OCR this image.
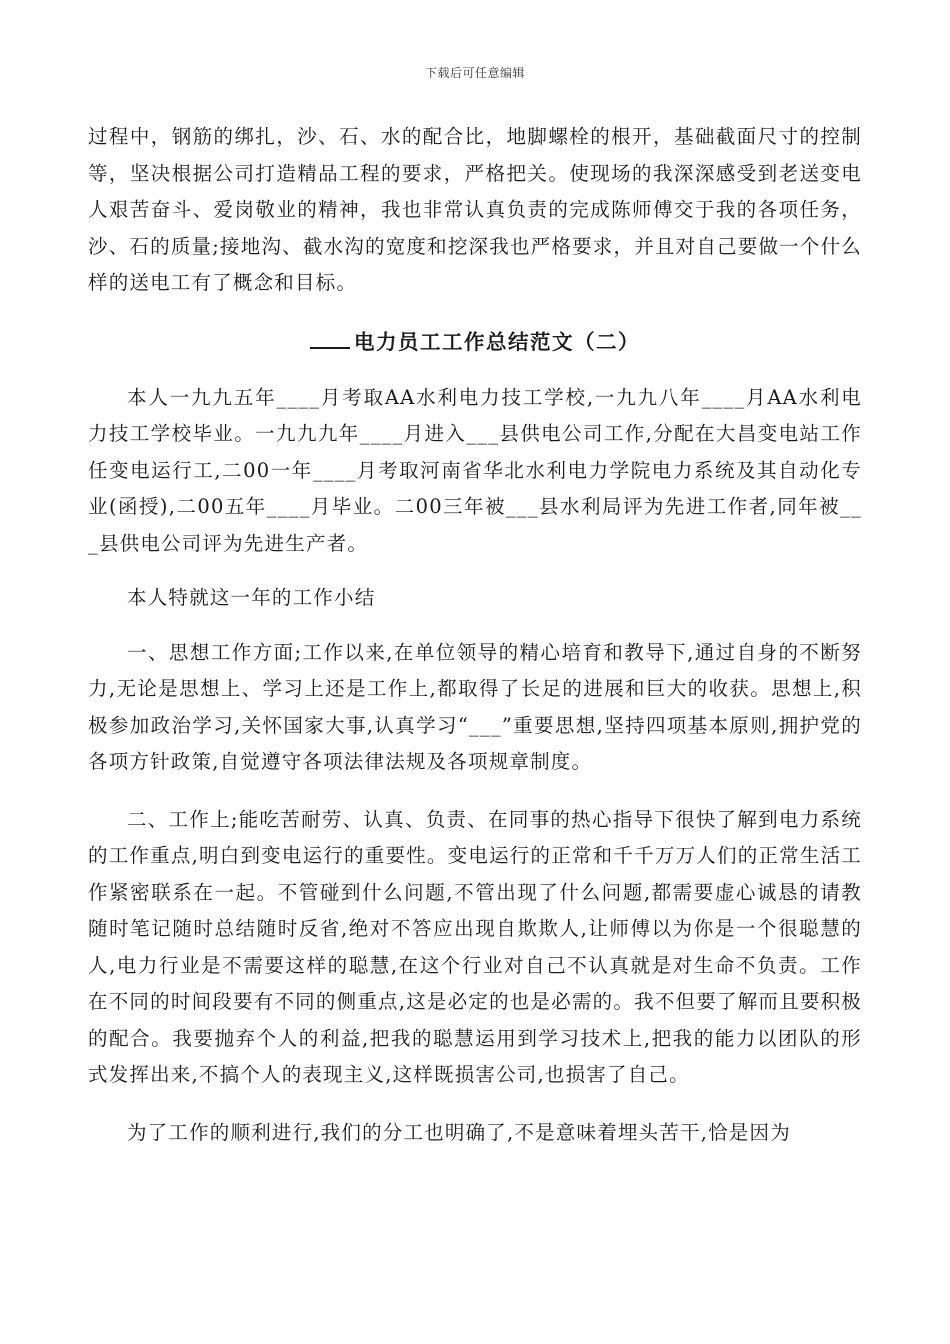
下载后可任意编辑

过程中，钢筋的绑扎，沙、石、水的配合比，地脚螺栓的根开，基础截面尺寸的控制等，坚决根据公司打造精品工程的要求，严格把关。使现场的我深深感受到老送变电人艰苦奋斗、爱岗敬业的精神，我也非常认真负责的完成陈师傅交于我的各项任务，沙、石的质量;接地沟、截水沟的宽度和挖深我也严格要求，并且对自己要做一个什么样的送电工有了概念和目标。

电力员工工作总结范文（二）

本人一九九五年____月考取AA水利电力技工学校,一九九八年____月AA水利电力技工学校毕业。一九九九年____月进入___县供电公司工作,分配在大昌变电站工作任变电运行工,二00一年____月考取河南省华北水利电力学院电力系统及其自动化专业(函授),二00五年____月毕业。二00三年被___县水利局评为先进工作者,同年被___县供电公司评为先进生产者。

本人特就这一年的工作小结

一、思想工作方面;工作以来,在单位领导的精心培育和教导下,通过自身的不断努力,无论是思想上、学习上还是工作上,都取得了长足的进展和巨大的收获。思想上,积极参加政治学习,关怀国家大事,认真学习“___”重要思想,坚持四项基本原则,拥护党的各项方针政策,自觉遵守各项法律法规及各项规章制度。

二、工作上;能吃苦耐劳、认真、负责、在同事的热心指导下很快了解到电力系统的工作重点,明白到变电运行的重要性。变电运行的正常和千千万万人们的正常生活工作紧密联系在一起。不管碰到什么问题,不管出现了什么问题,都需要虚心诚恳的请教随时笔记随时总结随时反省,绝对不答应出现自欺欺人,让师傅以为你是一个很聪慧的人,电力行业是不需要这样的聪慧,在这个行业对自己不认真就是对生命不负责。工作在不同的时间段要有不同的侧重点,这是必定的也是必需的。我不但要了解而且要积极的配合。我要抛弃个人的利益,把我的聪慧运用到学习技术上,把我的能力以团队的形式发挥出来,不搞个人的表现主义,这样既损害公司,也损害了自己。

为了工作的顺利进行,我们的分工也明确了,不是意味着埋头苦干,恰是因为
